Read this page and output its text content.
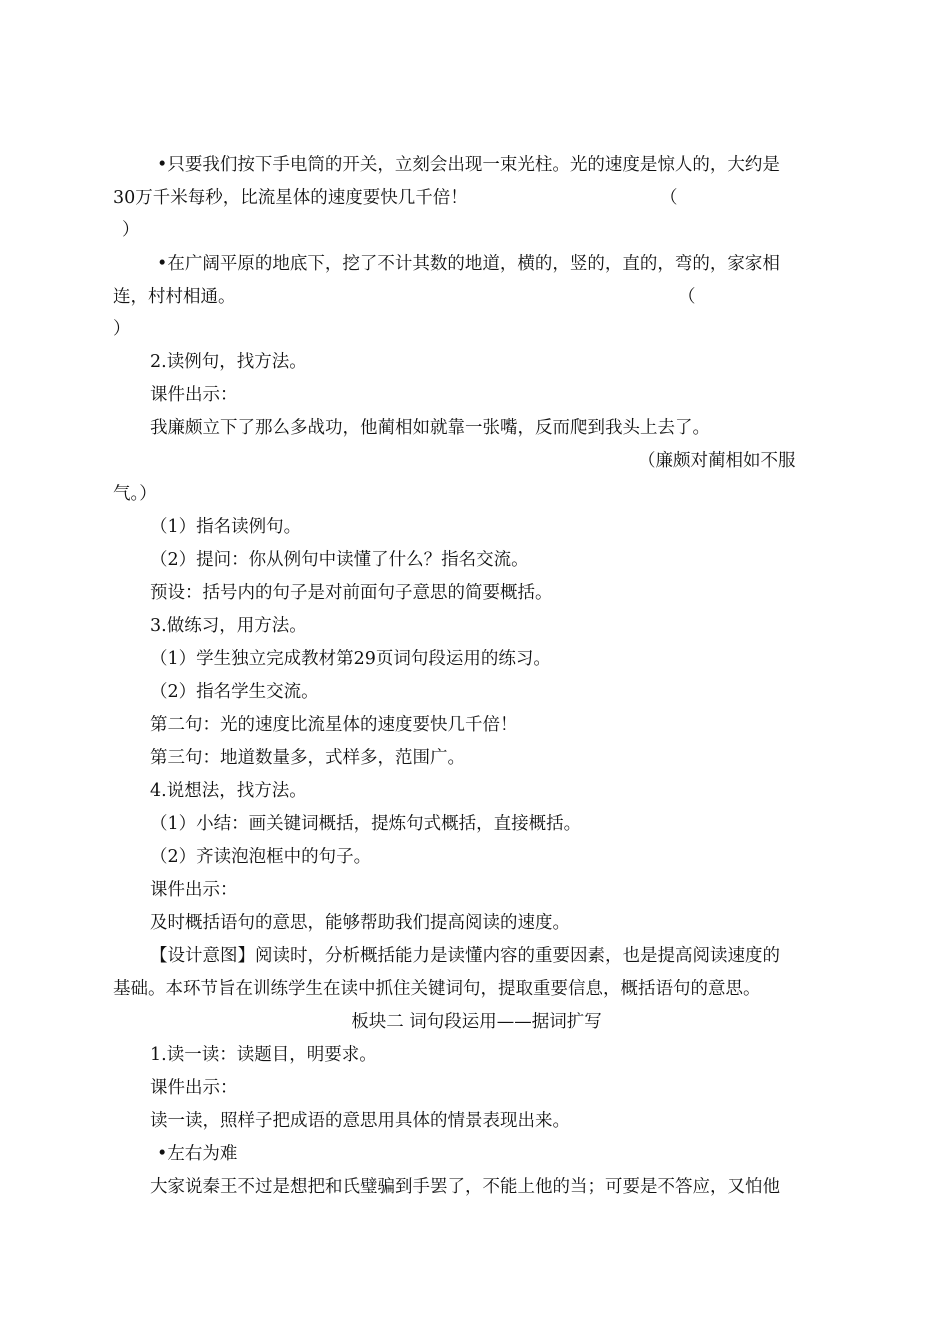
•只要我们按下手电筒的开关，立刻会出现一束光柱。光的速度是惊人的，大约是
30万千米每秒，比流星体的速度要快几千倍！	（
）
•在广阔平原的地底下，挖了不计其数的地道，横的，竖的，直的，弯的，家家相
连，村村相通。	（
）
2.读例句，找方法。
课件出示：
我廉颇立下了那么多战功，他蔺相如就靠一张嘴，反而爬到我头上去了。
（廉颇对蔺相如不服
气。）
（1）指名读例句。
（2）提问：你从例句中读懂了什么？指名交流。
预设：括号内的句子是对前面句子意思的简要概括。
3.做练习，用方法。
（1）学生独立完成教材第29页词句段运用的练习。
（2）指名学生交流。
第二句：光的速度比流星体的速度要快几千倍！
第三句：地道数量多，式样多，范围广。
4.说想法，找方法。
（1）小结：画关键词概括，提炼句式概括，直接概括。
（2）齐读泡泡框中的句子。
课件出示：
及时概括语句的意思，能够帮助我们提高阅读的速度。
【设计意图】阅读时，分析概括能力是读懂内容的重要因素，也是提高阅读速度的
基础。本环节旨在训练学生在读中抓住关键词句，提取重要信息，概括语句的意思。
板块二 词句段运用——据词扩写
1.读一读：读题目，明要求。
课件出示：
读一读，照样子把成语的意思用具体的情景表现出来。
•左右为难
大家说秦王不过是想把和氏璧骗到手罢了，不能上他的当；可要是不答应，又怕他
